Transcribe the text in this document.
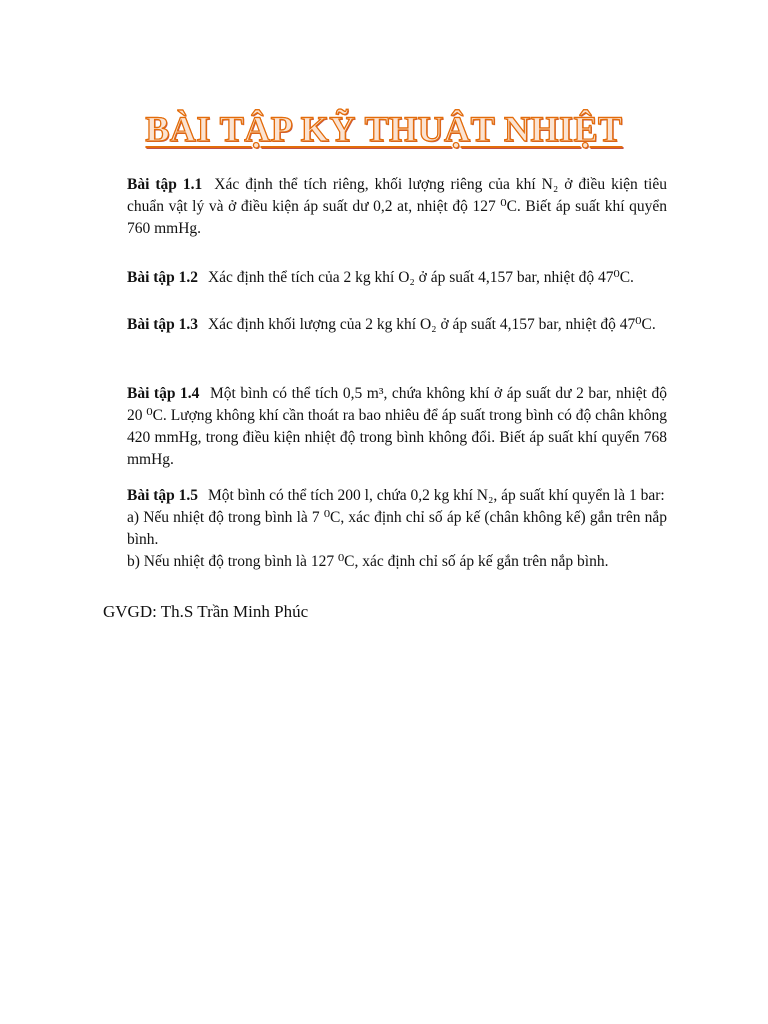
BÀI TẬP KỸ THUẬT NHIỆT
Bài tập 1.1 Xác định thể tích riêng, khối lượng riêng của khí N₂ ở điều kiện tiêu chuẩn vật lý và ở điều kiện áp suất dư 0,2 at, nhiệt độ 127 ⁰C. Biết áp suất khí quyển 760 mmHg.
Bài tập 1.2 Xác định thể tích của 2 kg khí O₂ ở áp suất 4,157 bar, nhiệt độ 47⁰C.
Bài tập 1.3 Xác định khối lượng của 2 kg khí O₂ ở áp suất 4,157 bar, nhiệt độ 47⁰C.
Bài tập 1.4 Một bình có thể tích 0,5 m³, chứa không khí ở áp suất dư 2 bar, nhiệt độ 20 ⁰C. Lượng không khí cần thoát ra bao nhiêu để áp suất trong bình có độ chân không 420 mmHg, trong điều kiện nhiệt độ trong bình không đổi. Biết áp suất khí quyển 768 mmHg.
Bài tập 1.5 Một bình có thể tích 200 l, chứa 0,2 kg khí N₂, áp suất khí quyển là 1 bar:
a) Nếu nhiệt độ trong bình là 7 ⁰C, xác định chỉ số áp kế (chân không kế) gắn trên nắp bình.
b) Nếu nhiệt độ trong bình là 127 ⁰C, xác định chỉ số áp kế gắn trên nắp bình.
GVGD: Th.S Trần Minh Phúc
